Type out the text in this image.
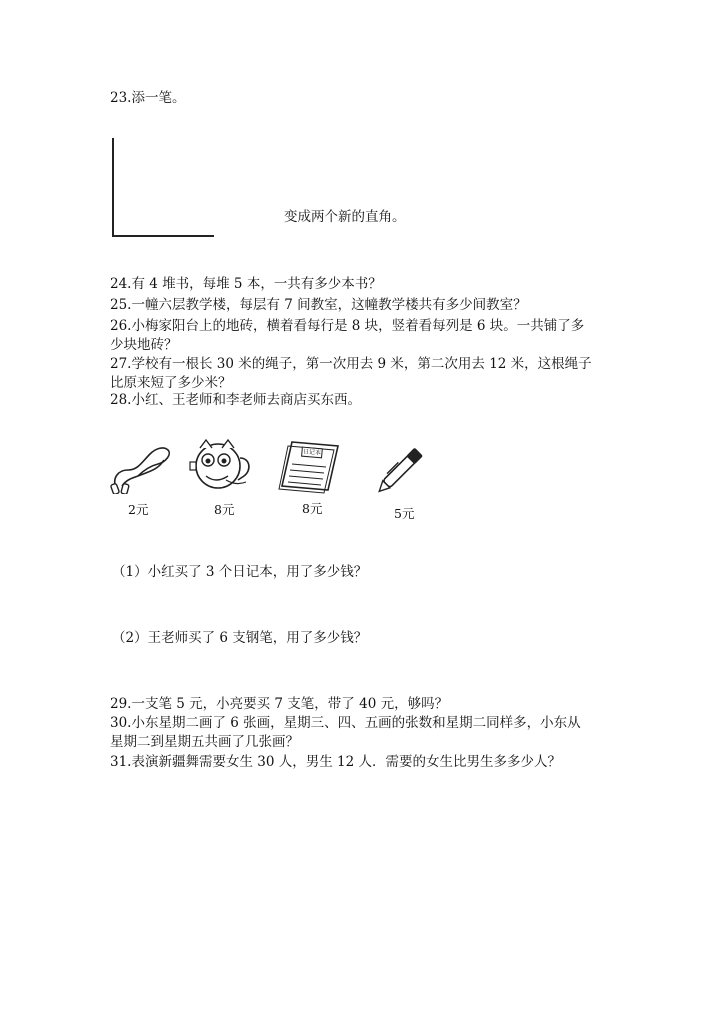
23.添一笔。
变成两个新的直角。
24.有 4 堆书，每堆 5 本，一共有多少本书？
25.一幢六层教学楼，每层有 7 间教室，这幢教学楼共有多少间教室？
26.小梅家阳台上的地砖，横着看每行是 8 块，竖着看每列是 6 块。一共铺了多
少块地砖？
27.学校有一根长 30 米的绳子，第一次用去 9 米，第二次用去 12 米，这根绳子
比原来短了多少米？
28.小红、王老师和李老师去商店买东西。
日记本
2元	8元	8元	5元
（1）小红买了 3 个日记本，用了多少钱？
（2）王老师买了 6 支钢笔，用了多少钱？
29.一支笔 5 元，小亮要买 7 支笔，带了 40 元，够吗？
30.小东星期二画了 6 张画，星期三、四、五画的张数和星期二同样多，小东从
星期二到星期五共画了几张画？
31.表演新疆舞需要女生 30 人，男生 12 人．需要的女生比男生多多少人？
